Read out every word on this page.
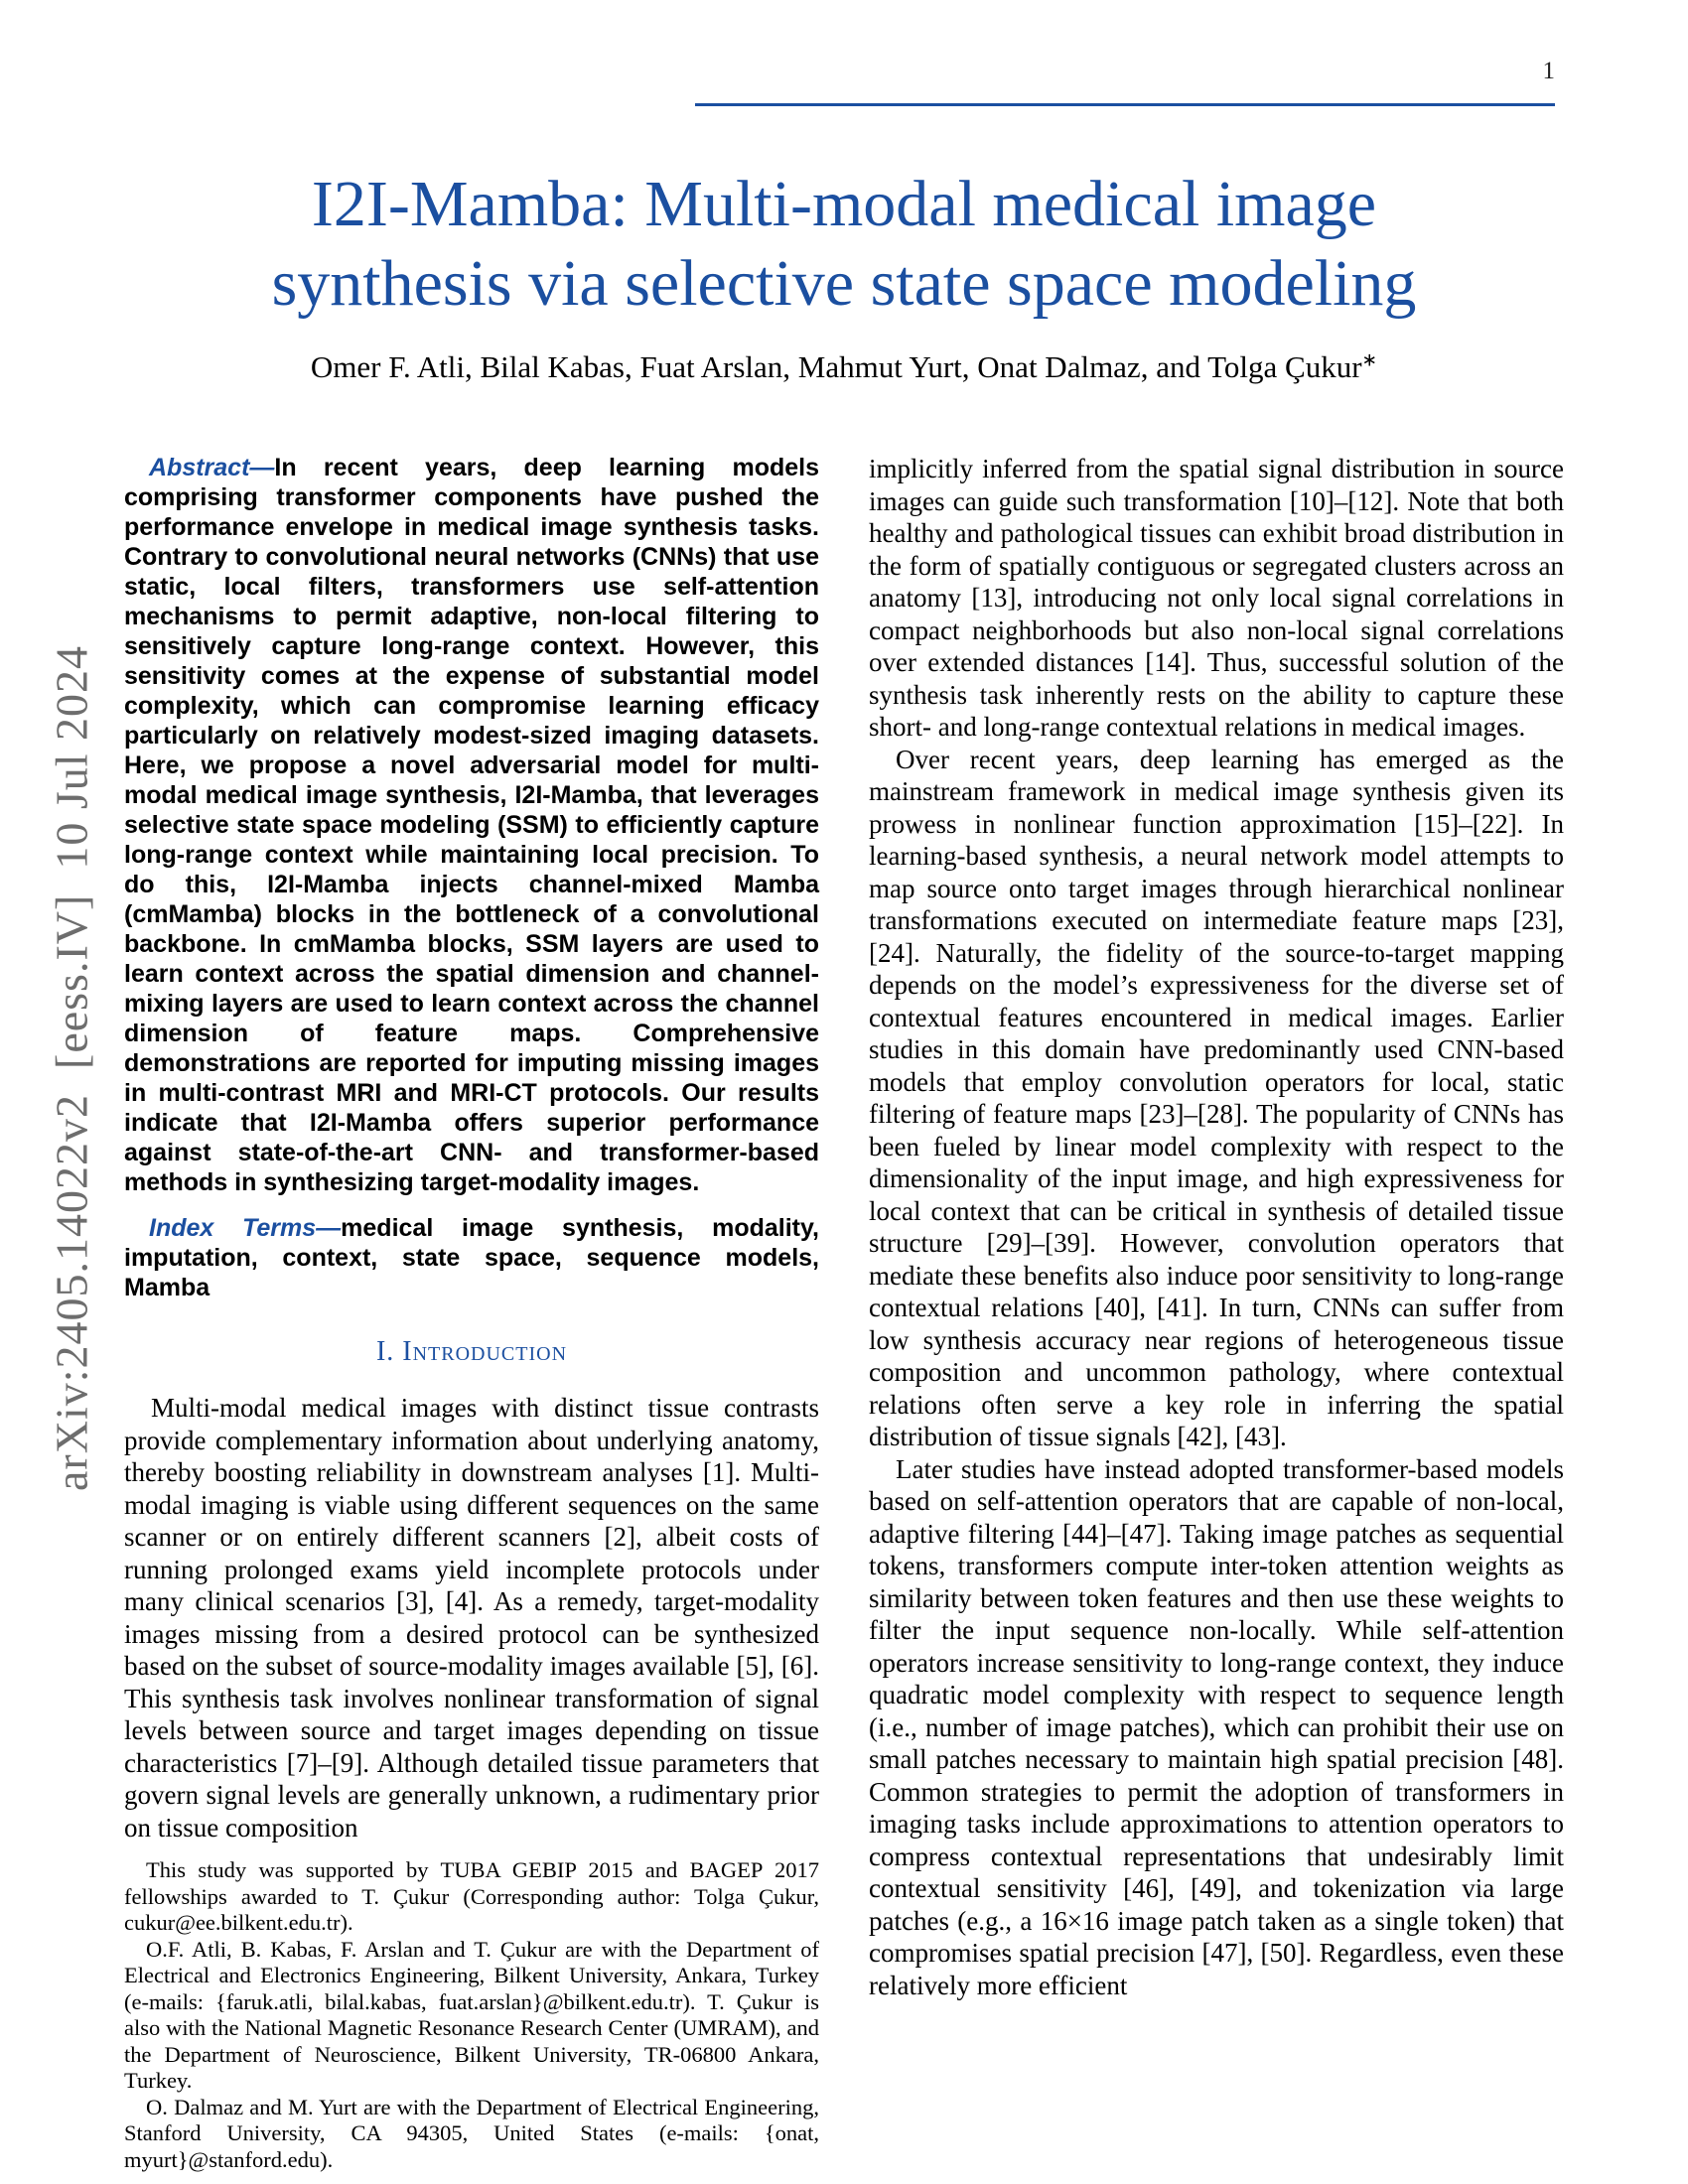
arXiv:2405.14022v2  [eess.IV]  10 Jul 2024
1
I2I-Mamba: Multi-modal medical image
synthesis via selective state space modeling
Omer F. Atli, Bilal Kabas, Fuat Arslan, Mahmut Yurt, Onat Dalmaz, and Tolga Çukur∗

Abstract—In recent years, deep learning models comprising transformer components have pushed the performance envelope in medical image synthesis tasks. Contrary to convolutional neural networks (CNNs) that use static, local filters, transformers use self-attention mechanisms to permit adaptive, non-local filtering to sensitively capture long-range context. However, this sensitivity comes at the expense of substantial model complexity, which can compromise learning efficacy particularly on relatively modest-sized imaging datasets. Here, we propose a novel adversarial model for multi-modal medical image synthesis, I2I-Mamba, that leverages selective state space modeling (SSM) to efficiently capture long-range context while maintaining local precision. To do this, I2I-Mamba injects channel-mixed Mamba (cmMamba) blocks in the bottleneck of a convolutional backbone. In cmMamba blocks, SSM layers are used to learn context across the spatial dimension and channel-mixing layers are used to learn context across the channel dimension of feature maps. Comprehensive demonstrations are reported for imputing missing images in multi-contrast MRI and MRI-CT protocols. Our results indicate that I2I-Mamba offers superior performance against state-of-the-art CNN- and transformer-based methods in synthesizing target-modality images.

Index Terms—medical image synthesis, modality, imputation, context, state space, sequence models, Mamba

I. Introduction

Multi-modal medical images with distinct tissue contrasts provide complementary information about underlying anatomy, thereby boosting reliability in downstream analyses [1]. Multi-modal imaging is viable using different sequences on the same scanner or on entirely different scanners [2], albeit costs of running prolonged exams yield incomplete protocols under many clinical scenarios [3], [4]. As a remedy, target-modality images missing from a desired protocol can be synthesized based on the subset of source-modality images available [5], [6]. This synthesis task involves nonlinear transformation of signal levels between source and target images depending on tissue characteristics [7]–[9]. Although detailed tissue parameters that govern signal levels are generally unknown, a rudimentary prior on tissue composition

This study was supported by TUBA GEBIP 2015 and BAGEP 2017 fellowships awarded to T. Çukur (Corresponding author: Tolga Çukur, cukur@ee.bilkent.edu.tr).

O.F. Atli, B. Kabas, F. Arslan and T. Çukur are with the Department of Electrical and Electronics Engineering, Bilkent University, Ankara, Turkey (e-mails: {faruk.atli, bilal.kabas, fuat.arslan}@bilkent.edu.tr). T. Çukur is also with the National Magnetic Resonance Research Center (UMRAM), and the Department of Neuroscience, Bilkent University, TR-06800 Ankara, Turkey.

O. Dalmaz and M. Yurt are with the Department of Electrical Engineering, Stanford University, CA 94305, United States (e-mails: {onat, myurt}@stanford.edu).

implicitly inferred from the spatial signal distribution in source images can guide such transformation [10]–[12]. Note that both healthy and pathological tissues can exhibit broad distribution in the form of spatially contiguous or segregated clusters across an anatomy [13], introducing not only local signal correlations in compact neighborhoods but also non-local signal correlations over extended distances [14]. Thus, successful solution of the synthesis task inherently rests on the ability to capture these short- and long-range contextual relations in medical images.

Over recent years, deep learning has emerged as the mainstream framework in medical image synthesis given its prowess in nonlinear function approximation [15]–[22]. In learning-based synthesis, a neural network model attempts to map source onto target images through hierarchical nonlinear transformations executed on intermediate feature maps [23], [24]. Naturally, the fidelity of the source-to-target mapping depends on the model’s expressiveness for the diverse set of contextual features encountered in medical images. Earlier studies in this domain have predominantly used CNN-based models that employ convolution operators for local, static filtering of feature maps [23]–[28]. The popularity of CNNs has been fueled by linear model complexity with respect to the dimensionality of the input image, and high expressiveness for local context that can be critical in synthesis of detailed tissue structure [29]–[39]. However, convolution operators that mediate these benefits also induce poor sensitivity to long-range contextual relations [40], [41]. In turn, CNNs can suffer from low synthesis accuracy near regions of heterogeneous tissue composition and uncommon pathology, where contextual relations often serve a key role in inferring the spatial distribution of tissue signals [42], [43].

Later studies have instead adopted transformer-based models based on self-attention operators that are capable of non-local, adaptive filtering [44]–[47]. Taking image patches as sequential tokens, transformers compute inter-token attention weights as similarity between token features and then use these weights to filter the input sequence non-locally. While self-attention operators increase sensitivity to long-range context, they induce quadratic model complexity with respect to sequence length (i.e., number of image patches), which can prohibit their use on small patches necessary to maintain high spatial precision [48]. Common strategies to permit the adoption of transformers in imaging tasks include approximations to attention operators to compress contextual representations that undesirably limit contextual sensitivity [46], [49], and tokenization via large patches (e.g., a 16×16 image patch taken as a single token) that compromises spatial precision [47], [50]. Regardless, even these relatively more efficient
